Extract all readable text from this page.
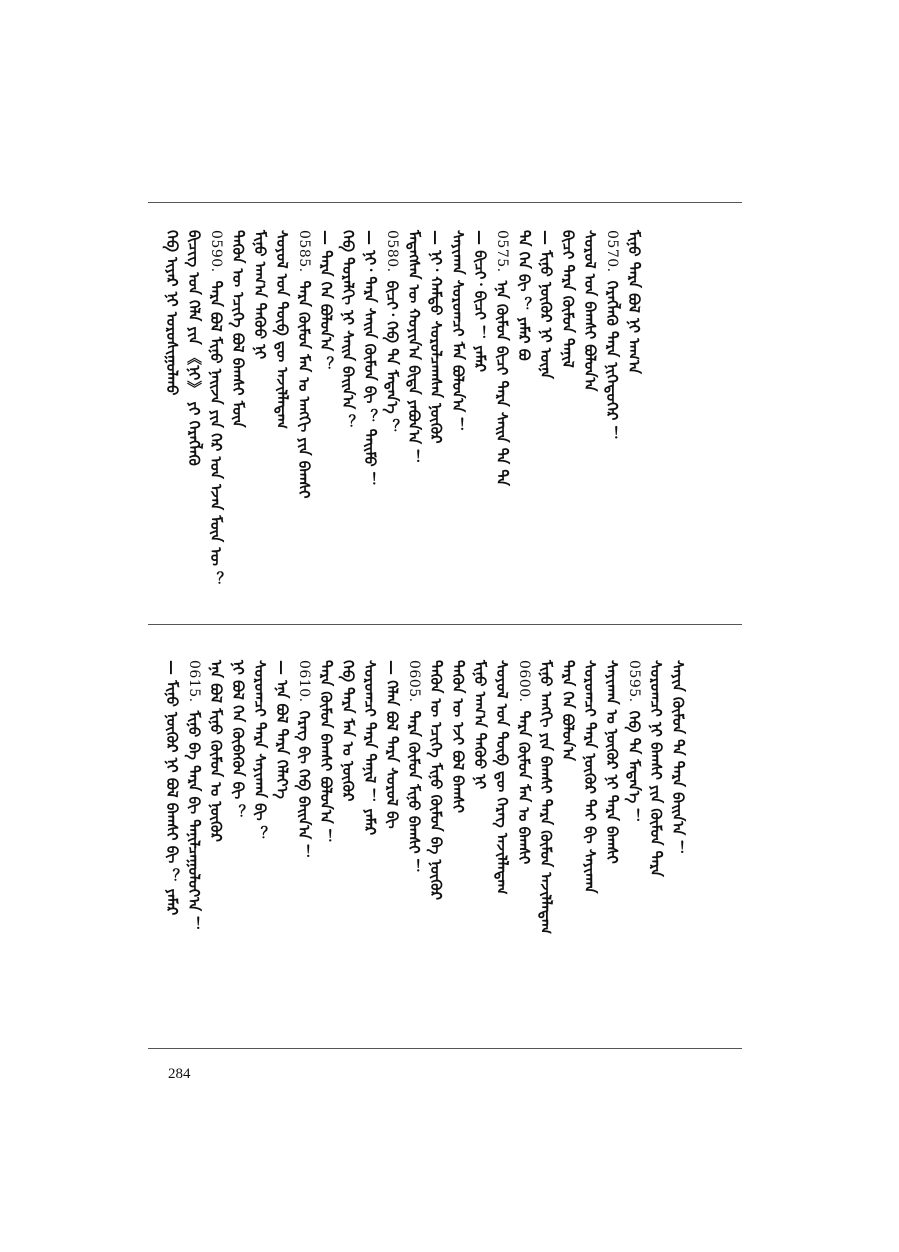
ᠬᠡᠪ ᠢᠶᠡᠷ ᠨᠢ ᠣᠷᠣᠰᠢᠭᠤᠯᠬᠤ ᠪᠢᠴᠢᠭ᠌ ᠤᠨ ᠬᠡᠯᠡ ᠶᠢᠨ 《ᠨᠢ》 ᠶᠢ ᠬᠡᠷᠡᠭᠯᠡᠬᠦ 0590.ᠲᠡᠷᠡ ᠪᠣᠯ ᠮᠢᠨᠦ ᠨᠠᠢᠵᠠ ᠶᠢᠨ ᠭᠡᠷ ᠤᠨ ᠡᠵᠡᠨ ᠮᠦᠨ ᠦ ︖ ᠲᠡᠭᠦᠨ ᠦ ᠡᠴᠢᠭᠡ ᠪᠣᠯ ᠪᠠᠭᠰᠢ ᠮᠥᠨ ᠮᠢᠨᠦ ᠠᠬ᠎ᠠ ᠳᠡᠭᠦᠦ ᠨᠢ ᠰᠣᠶᠣᠯ ᠤᠨ ᠲᠥᠪ ᠳᠦ ᠠᠵᠢᠯᠯᠠᠳᠠᠭ 0585.ᠲᠡᠷᠡ ᠬᠦᠮᠦᠨ ᠮᠠᠨ ᠤ ᠠᠩᠭᠢ ᠶᠢᠨ ᠪᠠᠭᠰᠢ — ᠲᠡᠷᠡ ᠬᠡᠨ ᠪᠣᠯᠣᠨ᠎ᠠ ︖ ᠬᠡᠪ ᠲᠣᠷᠠᠯᠬᠢ ᠨᠢ ᠰᠠᠢᠨ ᠪᠠᠢᠨ᠎ᠠ ︖ — ᠨᠢ᠂ ᠲᠡᠷᠡ ᠰᠠᠢᠨ ᠬᠦᠮᠦᠨ ᠪᠢ ︖ ᠲᠡᠢᠮᠦ ︕ 0580.ᠪᠢᠴᠢ᠂ ᠬᠡᠪ ᠲᠠ ᠮᠡᠳᠡᠨ᠎ᠡ ︖ ᠮᠡᠳᠡᠭᠰᠡᠨ ᠦ ᠬᠣᠶᠢᠨ᠎ᠠ ᠪᠢᠳᠡ ᠶᠠᠪᠤᠨ᠎ᠠ ︕ — ᠨᠢ᠂ ᠬᠠᠮᠲᠤ ᠰᠤᠷᠤᠯᠴᠠᠭᠰᠠᠨ ᠨᠥᠬᠦᠷ ᠰᠠᠶᠢᠬᠠᠨ ᠰᠤᠷᠤᠭᠴᠢ ᠮᠠᠨ ᠪᠣᠯᠤᠨ᠎ᠠ ︕ — ᠪᠢᠴᠢ᠂ ᠪᠢᠴᠢ ︕ ᠶᠠᠮᠠᠷ 0575.ᠡᠨᠡ ᠬᠦᠮᠦᠨ ᠪᠢᠴᠢ ᠲᠡᠷᠡ ᠰᠠᠢᠨ ᠲᠠ ᠲᠡ ᠲᠠ ᠬᠡᠨ ᠪᠢ ︖ ᠶᠠᠮᠠᠷ ᠪᠤ — ᠮᠢᠨᠦ ᠨᠥᠬᠦᠷ ᠨᠢ ᠦᠨᠡ ᠪᠢᠴᠢ ᠲᠡᠷᠡ ᠬᠦᠮᠦᠨ ᠲᠠᠨᠢᠯ ᠰᠤᠷᠤᠯ ᠤᠨ ᠪᠠᠭᠰᠢ ᠪᠣᠯᠤᠨ᠎ᠠ 0570.ᠬᠡᠷᠡᠭᠯᠡᠬᠦ ᠲᠡᠷᠡ ᠨᠢᠭᠡᠳᠦᠭᠡᠷ ︕ ᠮᠢᠨᠦ ᠲᠡᠷᠡ ᠪᠣᠯ ᠨᠢ ᠠᠬ᠎ᠠ
— ᠮᠢᠨᠦ ᠨᠥᠬᠦᠷ ᠨᠢ ᠪᠣᠯ ᠪᠠᠭᠰᠢ ᠪᠢ ︖ ᠶᠠᠮᠠᠷ 0615.ᠮᠢᠨᠦ ᠪᠠ ᠲᠡᠷᠡ ᠪᠢ ᠲᠠᠨᠢᠯᠴᠠᠭᠤᠯᠤᠶ᠎ᠠ ︕ ᠡᠨᠡ ᠪᠣᠯ ᠮᠢᠨᠦ ᠬᠦᠮᠦᠨ ᠤ ᠨᠥᠬᠦᠷ ᠨᠢ ᠪᠣᠯ ᠬᠡᠨ ᠬᠥᠪᠡᠭᠦᠨ ᠪᠢ ︖ ᠰᠤᠷᠤᠭᠴᠢ ᠲᠡᠷᠡ ᠰᠠᠶᠢᠬᠠᠨ ᠪᠢ ︖ — ᠡᠨᠡ ᠪᠣᠯ ᠲᠡᠷᠡ ᠬᠡᠯᠡᠶ᠎ᠡ 0610.ᠬᠡᠷᠡᠭ ᠪᠢ ᠬᠡᠪ ᠪᠠᠢᠨ᠎ᠠ ︕ ᠲᠡᠷᠡ ᠬᠦᠮᠦᠨ ᠪᠠᠭᠰᠢ ᠪᠣᠯᠤᠨ᠎ᠠ ︕ ᠬᠡᠪ ᠲᠡᠷᠡ ᠮᠠᠨ ᠤ ᠨᠥᠬᠦᠷ ᠰᠤᠷᠤᠭᠴᠢ ᠲᠡᠷᠡ ᠲᠠᠨᠢᠯ ︕ ᠶᠠᠮᠠᠷ — ᠬᠡᠯᠡᠨ ᠪᠣᠯ ᠲᠡᠷᠡ ᠰᠤᠷᠤᠯ ᠪᠢ 0605.ᠲᠡᠷᠡ ᠬᠦᠮᠦᠨ ᠮᠢᠨᠦ ᠪᠠᠭᠰᠢ ︕ ᠲᠡᠭᠦᠨ ᠦ ᠡᠴᠢᠭᠡ ᠮᠢᠨᠦ ᠬᠦᠮᠦᠨ ᠪᠠ ᠨᠥᠬᠦᠷ ᠲᠡᠭᠦᠨ ᠦ ᠡᠵᠢ ᠪᠣᠯ ᠪᠠᠭᠰᠢ ᠮᠢᠨᠦ ᠠᠬ᠎ᠠ ᠳᠡᠭᠦᠦ ᠨᠢ ᠰᠣᠶᠣᠯ ᠤᠨ ᠲᠥᠪ ᠳᠦ ᠬᠡᠷᠡᠭ ᠠᠵᠢᠯᠯᠠᠳᠠᠭ 0600.ᠲᠡᠷᠡ ᠬᠦᠮᠦᠨ ᠮᠠᠨ ᠤ ᠪᠠᠭᠰᠢ ᠮᠢᠨᠦ ᠠᠩᠭᠢ ᠶᠢᠨ ᠪᠠᠭᠰᠢ ᠲᠡᠷᠡ ᠬᠦᠮᠦᠨ ᠠᠵᠢᠯᠯᠠᠳᠠᠭ ᠲᠡᠷᠡ ᠬᠡᠨ ᠪᠣᠯᠣᠨ᠎ᠠ ᠰᠤᠷᠤᠭᠴᠢ ᠲᠡᠷᠡ ᠨᠥᠬᠦᠷ ᠲᠡᠢ ᠪᠢ ᠰᠠᠶᠢᠬᠠᠨ ᠰᠠᠶᠢᠬᠠᠨ ᠤ ᠨᠥᠬᠦᠷ ᠨᠢ ᠲᠡᠷᠡ ᠪᠠᠭᠰᠢ 0595.ᠬᠡᠪ ᠲᠠ ᠮᠡᠳᠡᠨ᠎ᠡ ︕ ᠰᠤᠷᠤᠭᠴᠢ ᠨᠢ ᠪᠠᠭᠰᠢ ᠶᠢᠨ ᠬᠦᠮᠦᠨ ᠲᠡᠷᠡ ᠰᠠᠶᠢᠨ ᠬᠦᠮᠦᠨ ᠲᠠ ᠲᠡᠷᠡ ᠪᠠᠢᠨ᠎ᠠ ︕
284
